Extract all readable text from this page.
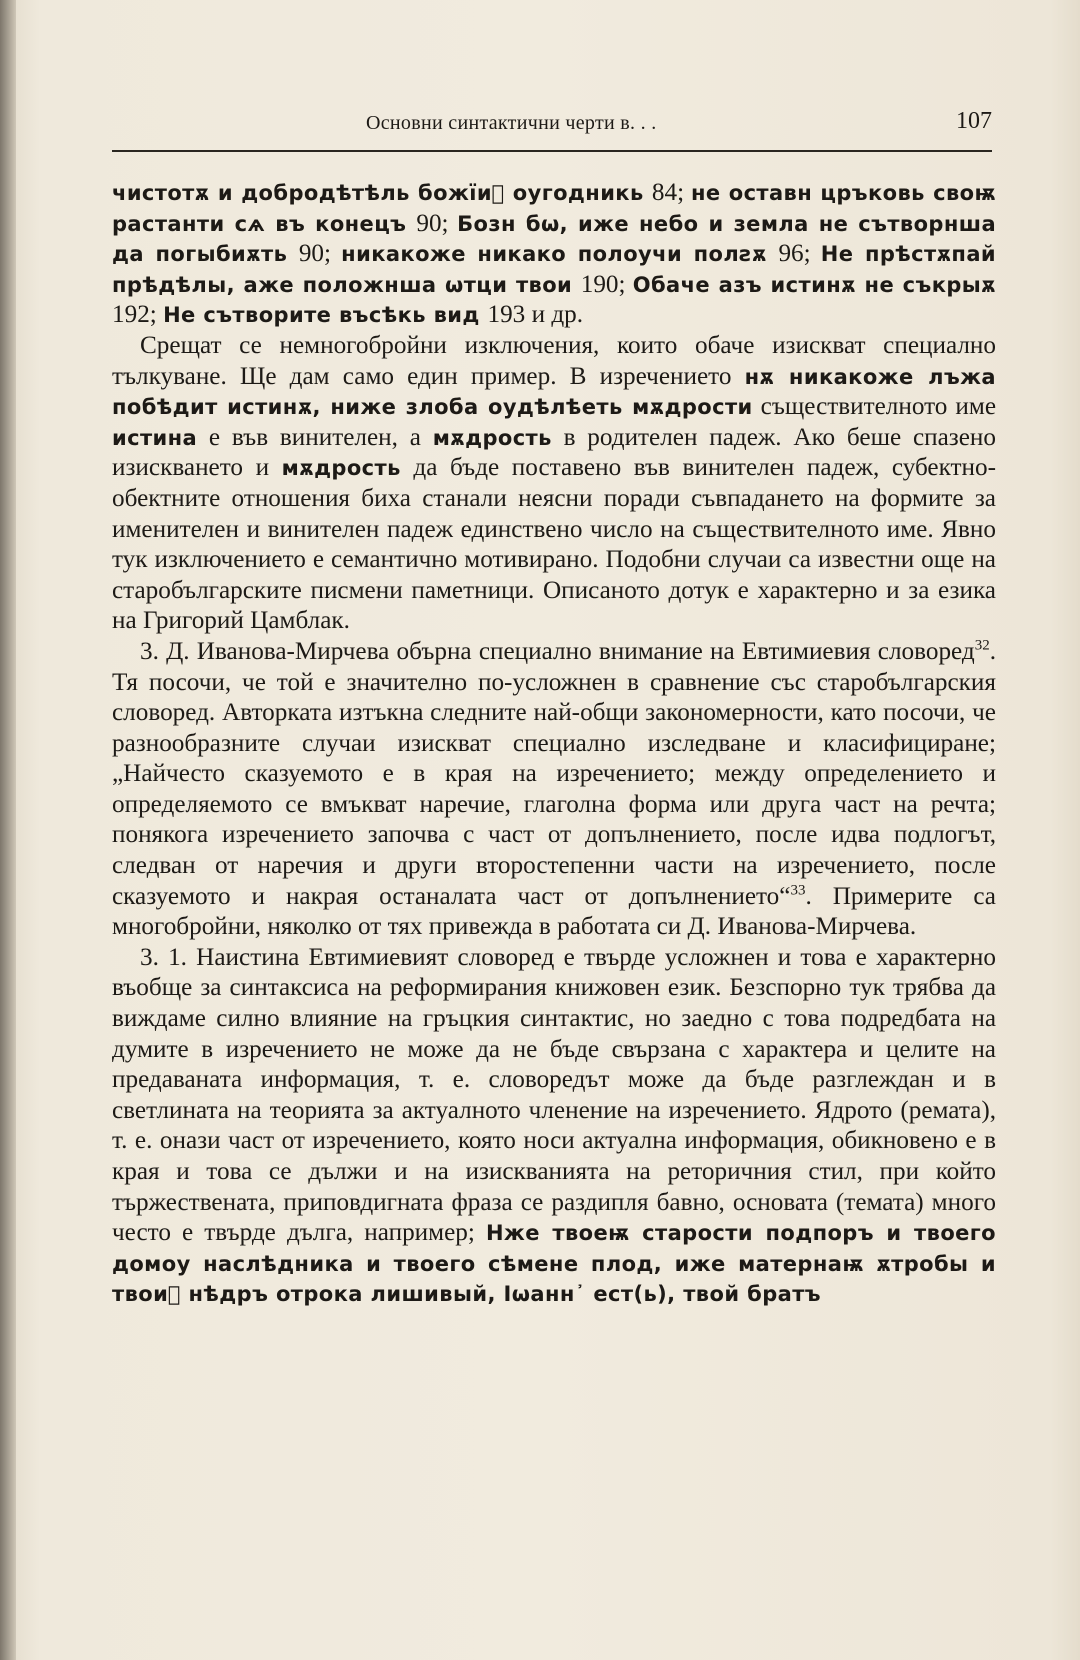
Основни синтактични черти в. . .	107

чистотѫ и добродѣтѣль божїиⷯ оугодникь 84; не оставн цръковь своѭ растанти сѧ въ конецъ 90; Бозн бѡ, иже небо и земла не сътворнша да погыбиѫть 90; никакоже никако полоучи полꙅѫ 96; Не прѣстѫпай прѣдѣлы, аже положнша ѡтци твои 190; Обаче азъ истинѫ не съкрыѫ 192; Не сътворите въсѣкь вид 193 и др.

Срещат се немногобройни изключения, които обаче изискват специално тълкуване. Ще дам само един пример. В изречението нѫ никакоже лъжа побѣдит истинѫ, ниже злоба оудѣлѣеть мѫдрости съществителното име истина е във винителен, а мѫдрость в родителен падеж. Ако беше спазено изискването и мѫдрость да бъде поставено във винителен падеж, субектно-обектните отношения биха станали неясни поради съвпадането на формите за именителен и винителен падеж единствено число на съществителното име. Явно тук изключението е семантично мотивирано. Подобни случаи са известни още на старобългарските писмени паметници. Описаното дотук е характерно и за езика на Григорий Цамблак.

3. Д. Иванова-Мирчева обърна специално внимание на Евтимиевия словоред$^{32}$. Тя посочи, че той е значително по-усложнен в сравнение със старобългарския словоред. Авторката изтъкна следните най-общи закономерности, като посочи, че разнообразните случаи изискват специално изследване и класифициране; „Найчесто сказуемото е в края на изречението; между определението и определяемото се вмъкват наречие, глаголна форма или друга част на речта; понякога изречението започва с част от допълнението, после идва подлогът, следван от наречия и други второстепенни части на изречението, после сказуемото и накрая останалата част от допълнението“$^{33}$. Примерите са многобройни, няколко от тях привежда в работата си Д. Иванова-Мирчева.

3. 1. Наистина Евтимиевият словоред е твърде усложнен и това е характерно въобще за синтаксиса на реформирания книжовен език. Безспорно тук трябва да виждаме силно влияние на гръцкия синтактис, но заедно с това подредбата на думите в изречението не може да не бъде свързана с характера и целите на предаваната информация, т. е. словоредът може да бъде разглеждан и в светлината на теорията за актуалното членение на изречението. Ядрото (ремата), т. е. онази част от изречението, която носи актуална информация, обикновено е в края и това се дължи и на изискванията на реторичния стил, при който тържествената, приповдигната фраза се раздипля бавно, основата (темата) много често е твърде дълга, например; Нже твоеѭ старости подпоръ и твоего домоу наслѣдника и твоего сѣмене плод, иже матернаѭ ѫтробы и твоиⷯ нѣдръ отрока лишивый, Іѡанн᾿ ест(ь), твой братъ
